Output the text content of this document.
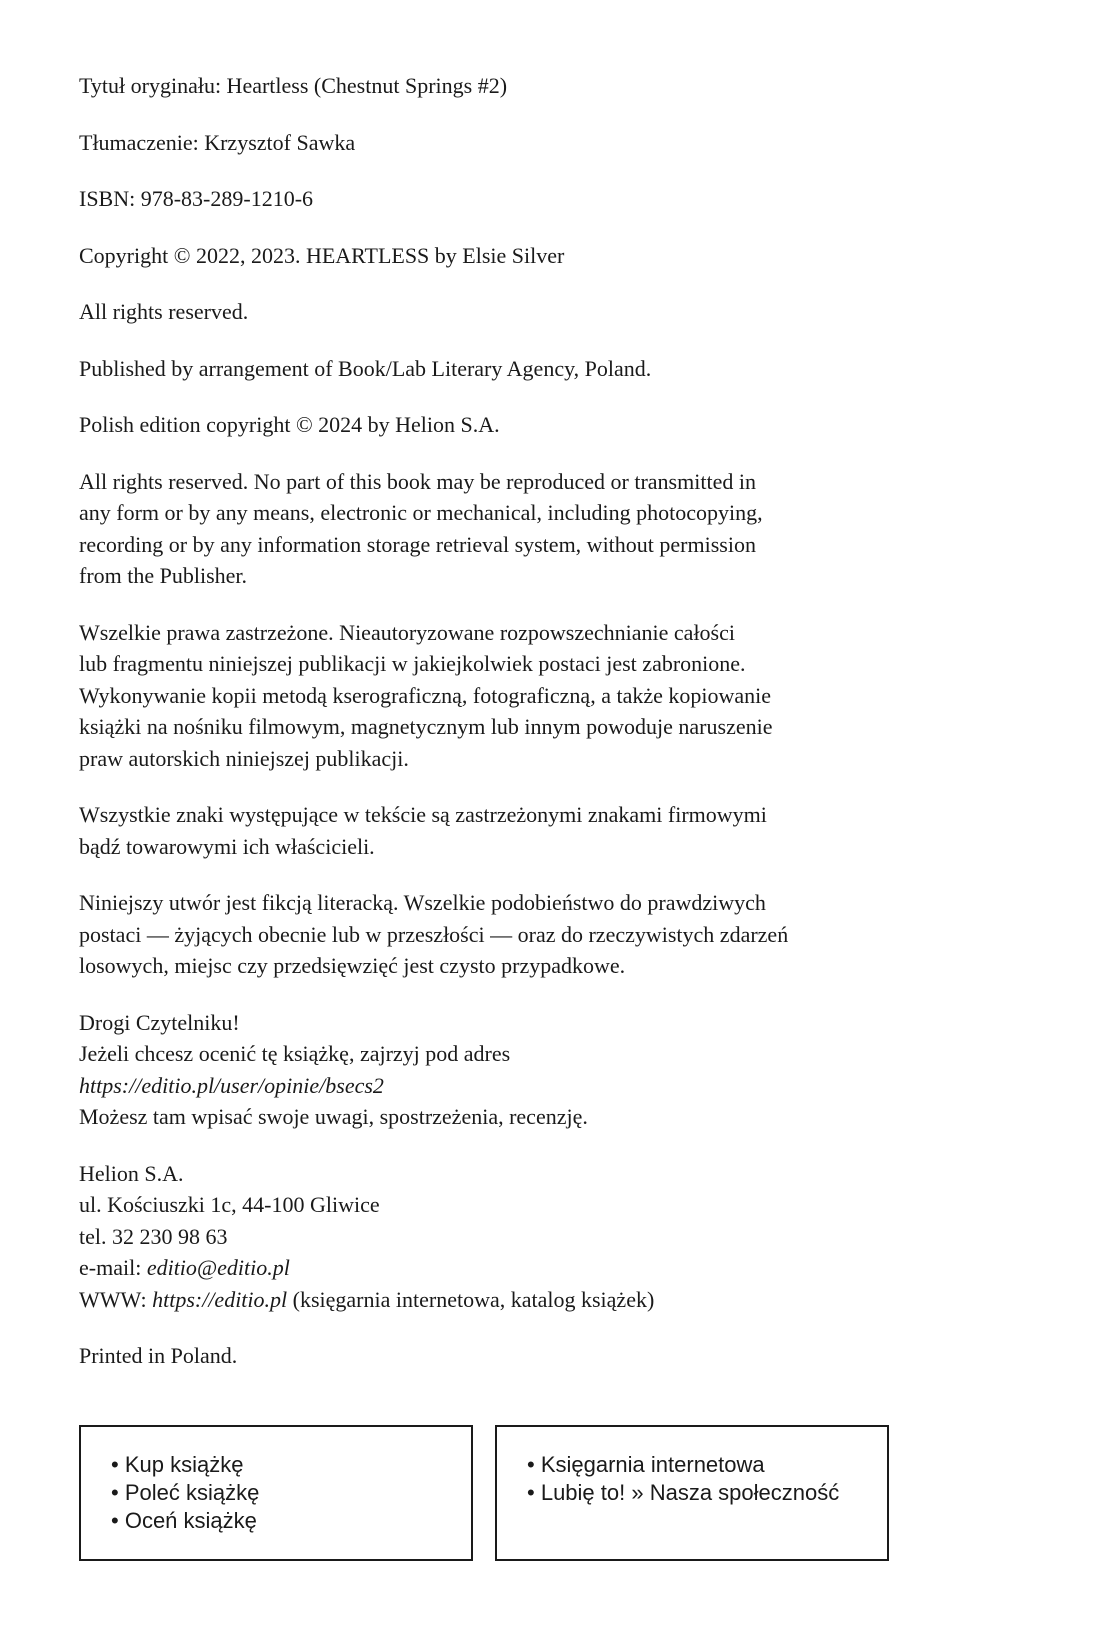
Tytuł oryginału: Heartless (Chestnut Springs #2)

Tłumaczenie: Krzysztof Sawka

ISBN: 978-83-289-1210-6

Copyright © 2022, 2023. HEARTLESS by Elsie Silver

All rights reserved.

Published by arrangement of Book/Lab Literary Agency, Poland.

Polish edition copyright © 2024 by Helion S.A.

All rights reserved. No part of this book may be reproduced or transmitted in
any form or by any means, electronic or mechanical, including photocopying,
recording or by any information storage retrieval system, without permission
from the Publisher.

Wszelkie prawa zastrzeżone. Nieautoryzowane rozpowszechnianie całości
lub fragmentu niniejszej publikacji w jakiejkolwiek postaci jest zabronione.
Wykonywanie kopii metodą kserograficzną, fotograficzną, a także kopiowanie
książki na nośniku filmowym, magnetycznym lub innym powoduje naruszenie
praw autorskich niniejszej publikacji.

Wszystkie znaki występujące w tekście są zastrzeżonymi znakami firmowymi
bądź towarowymi ich właścicieli.

Niniejszy utwór jest fikcją literacką. Wszelkie podobieństwo do prawdziwych
postaci — żyjących obecnie lub w przeszłości — oraz do rzeczywistych zdarzeń
losowych, miejsc czy przedsięwzięć jest czysto przypadkowe.

Drogi Czytelniku!
Jeżeli chcesz ocenić tę książkę, zajrzyj pod adres
https://editio.pl/user/opinie/bsecs2
Możesz tam wpisać swoje uwagi, spostrzeżenia, recenzję.

Helion S.A.
ul. Kościuszki 1c, 44-100 Gliwice
tel. 32 230 98 63
e-mail: editio@editio.pl
WWW: https://editio.pl (księgarnia internetowa, katalog książek)

Printed in Poland.

• Kup książkę
• Poleć książkę
• Oceń książkę
• Księgarnia internetowa
• Lubię to! » Nasza społeczność
